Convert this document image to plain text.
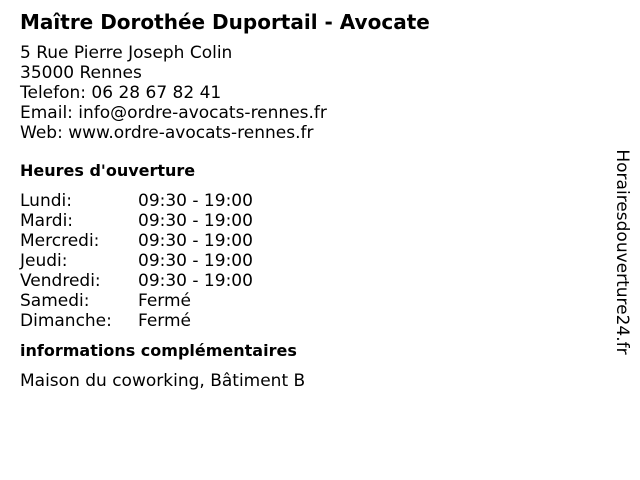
Maître Dorothée Duportail - Avocate
5 Rue Pierre Joseph Colin
35000 Rennes
Telefon: 06 28 67 82 41
Email: info@ordre-avocats-rennes.fr
Web: www.ordre-avocats-rennes.fr
Heures d'ouverture
Lundi:	09:30 - 19:00
Mardi:	09:30 - 19:00
Mercredi:	09:30 - 19:00
Jeudi:	09:30 - 19:00
Vendredi:	09:30 - 19:00
Samedi:	Fermé
Dimanche:	Fermé
informations complémentaires
Maison du coworking, Bâtiment B
Horairesdouverture24.fr
